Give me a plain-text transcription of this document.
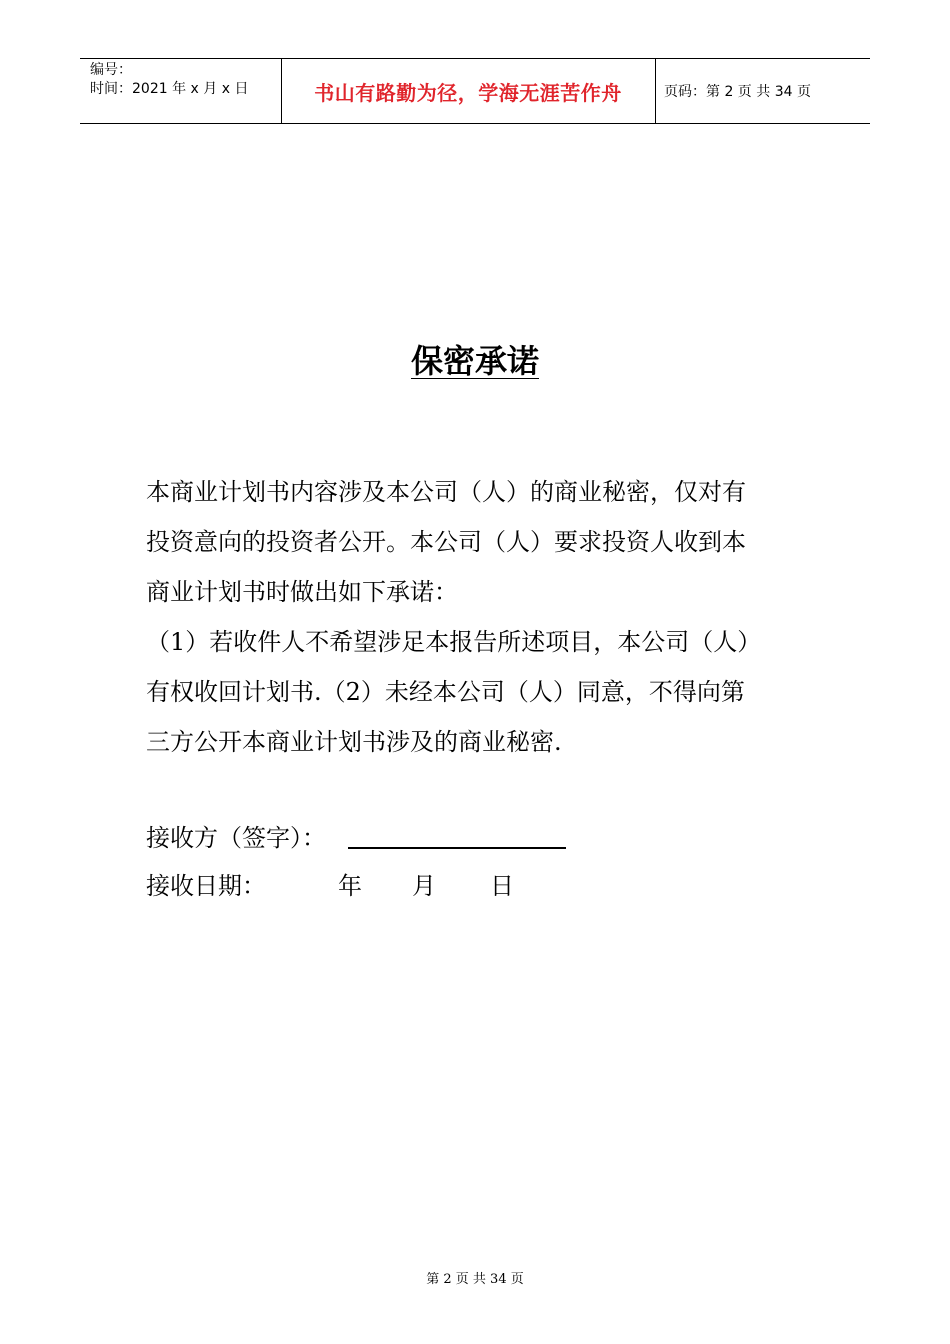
编号：
时间：2021 年 x 月 x 日	书山有路勤为径，学海无涯苦作舟	页码：第 2 页 共 34 页
保密承诺
本商业计划书内容涉及本公司（人）的商业秘密，仅对有
投资意向的投资者公开。本公司（人）要求投资人收到本
商业计划书时做出如下承诺：
（1）若收件人不希望涉足本报告所述项目，本公司（人）
有权收回计划书.（2）未经本公司（人）同意，不得向第
三方公开本商业计划书涉及的商业秘密.
接收方（签字）：
接收日期：	年 月 日
第 2 页 共 34 页
